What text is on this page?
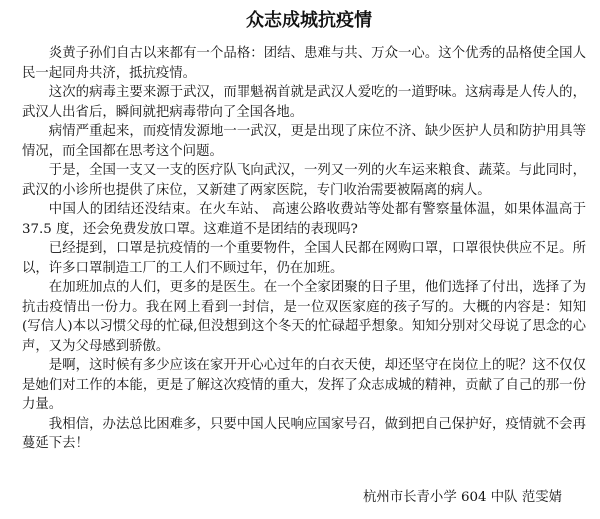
众志成城抗疫情

炎黄子孙们自古以来都有一个品格：团结、患难与共、万众一心。这个优秀的品格使全国人民一起同舟共济，抵抗疫情。

这次的病毒主要来源于武汉，而罪魁祸首就是武汉人爱吃的一道野味。这病毒是人传人的，武汉人出省后，瞬间就把病毒带向了全国各地。

病情严重起来，而疫情发源地一一武汉，更是出现了床位不济、缺少医护人员和防护用具等情况，而全国都在思考这个问题。

于是，全国一支又一支的医疗队飞向武汉，一列又一列的火车运来粮食、蔬菜。与此同时，武汉的小诊所也提供了床位，又新建了两家医院，专门收治需要被隔离的病人。

中国人的团结还没结束。在火车站、 高速公路收费站等处都有警察量体温，如果体温高于 37.5 度，还会免费发放口罩。这难道不是团结的表现吗?

已经提到，口罩是抗疫情的一个重要物件，全国人民都在网购口罩，口罩很快供应不足。所以，许多口罩制造工厂的工人们不顾过年，仍在加班。

在加班加点的人们，更多的是医生。在一个全家团聚的日子里，他们选择了付出，选择了为抗击疫情出一份力。我在网上看到一封信，是一位双医家庭的孩子写的。大概的内容是：知知(写信人)本以习惯父母的忙碌,但没想到这个冬天的忙碌超乎想象。知知分别对父母说了思念的心声，又为父母感到骄傲。

是啊，这时候有多少应该在家开开心心过年的白衣天使，却还坚守在岗位上的呢？这不仅仅是她们对工作的本能，更是了解这次疫情的重大，发挥了众志成城的精神，贡献了自己的那一份力量。

我相信，办法总比困难多，只要中国人民响应国家号召，做到把自己保护好，疫情就不会再蔓延下去！

杭州市长青小学 604 中队 范雯婧
